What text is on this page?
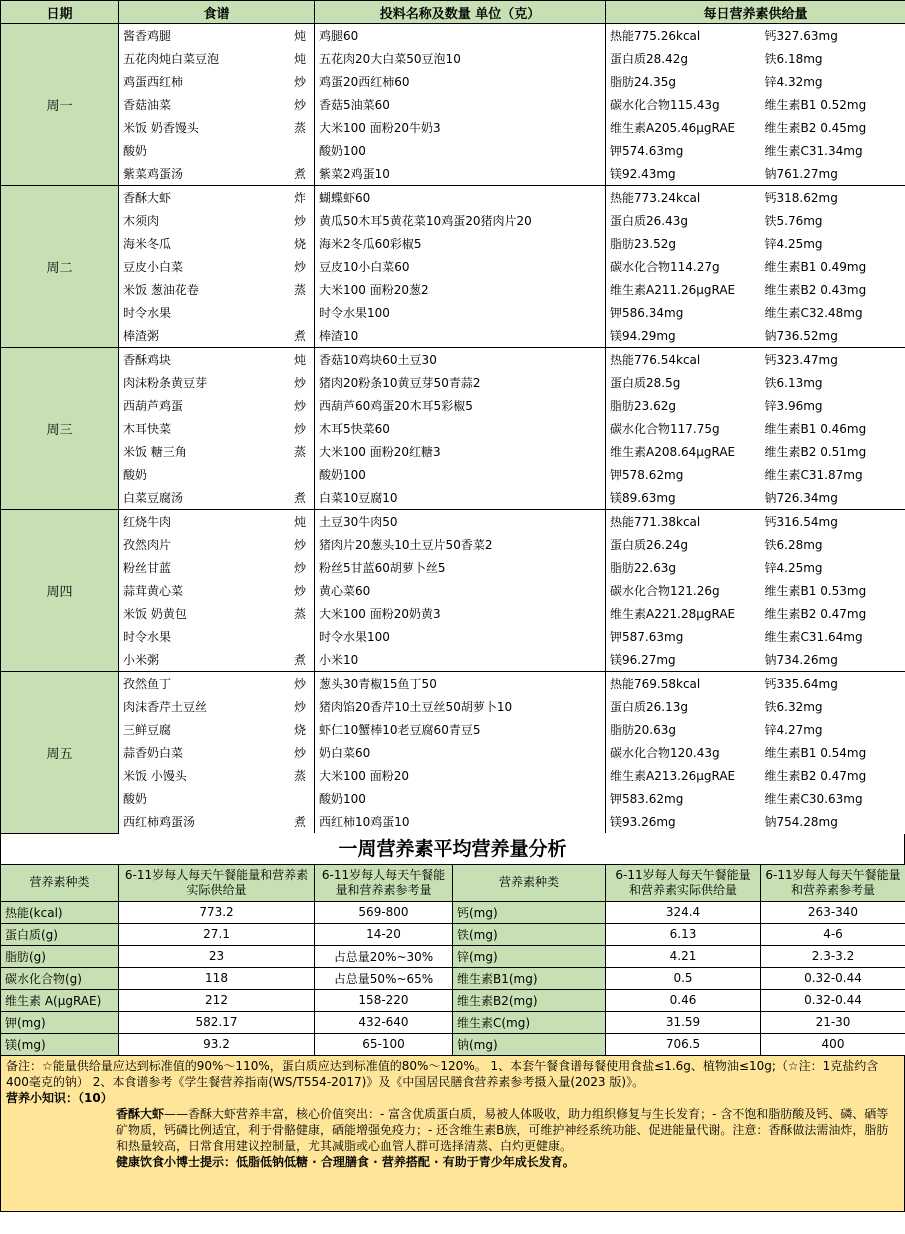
日期	食谱		投料名称及数量 单位（克）	每日营养素供给量	
周一	酱香鸡腿	炖	鸡腿60	热能775.26kcal	钙327.63mg
	五花肉炖白菜豆泡	炖	五花肉20大白菜50豆泡10	蛋白质28.42g	铁6.18mg
	鸡蛋西红柿	炒	鸡蛋20西红柿60	脂肪24.35g	锌4.32mg
	香菇油菜	炒	香菇5油菜60	碳水化合物115.43g	维生素B1 0.52mg
	米饭 奶香馒头	蒸	大米100 面粉20牛奶3	维生素A205.46μgRAE	维生素B2 0.45mg
	酸奶		酸奶100	钾574.63mg	维生素C31.34mg
	紫菜鸡蛋汤	煮	紫菜2鸡蛋10	镁92.43mg	钠761.27mg
周二	香酥大虾	炸	蝴蝶虾60	热能773.24kcal	钙318.62mg
	木须肉	炒	黄瓜50木耳5黄花菜10鸡蛋20猪肉片20	蛋白质26.43g	铁5.76mg
	海米冬瓜	烧	海米2冬瓜60彩椒5	脂肪23.52g	锌4.25mg
	豆皮小白菜	炒	豆皮10小白菜60	碳水化合物114.27g	维生素B1 0.49mg
	米饭 葱油花卷	蒸	大米100 面粉20葱2	维生素A211.26μgRAE	维生素B2 0.43mg
	时令水果		时令水果100	钾586.34mg	维生素C32.48mg
	棒渣粥	煮	棒渣10	镁94.29mg	钠736.52mg
周三	香酥鸡块	炖	香菇10鸡块60土豆30	热能776.54kcal	钙323.47mg
	肉沫粉条黄豆芽	炒	猪肉20粉条10黄豆芽50青蒜2	蛋白质28.5g	铁6.13mg
	西葫芦鸡蛋	炒	西葫芦60鸡蛋20木耳5彩椒5	脂肪23.62g	锌3.96mg
	木耳快菜	炒	木耳5快菜60	碳水化合物117.75g	维生素B1 0.46mg
	米饭 糖三角	蒸	大米100 面粉20红糖3	维生素A208.64μgRAE	维生素B2 0.51mg
	酸奶		酸奶100	钾578.62mg	维生素C31.87mg
	白菜豆腐汤	煮	白菜10豆腐10	镁89.63mg	钠726.34mg
周四	红烧牛肉	炖	土豆30牛肉50	热能771.38kcal	钙316.54mg
	孜然肉片	炒	猪肉片20葱头10土豆片50香菜2	蛋白质26.24g	铁6.28mg
	粉丝甘蓝	炒	粉丝5甘蓝60胡萝卜丝5	脂肪22.63g	锌4.25mg
	蒜茸黄心菜	炒	黄心菜60	碳水化合物121.26g	维生素B1 0.53mg
	米饭 奶黄包	蒸	大米100 面粉20奶黄3	维生素A221.28μgRAE	维生素B2 0.47mg
	时令水果		时令水果100	钾587.63mg	维生素C31.64mg
	小米粥	煮	小米10	镁96.27mg	钠734.26mg
周五	孜然鱼丁	炒	葱头30青椒15鱼丁50	热能769.58kcal	钙335.64mg
	肉沫香芹土豆丝	炒	猪肉馅20香芹10土豆丝50胡萝卜10	蛋白质26.13g	铁6.32mg
	三鲜豆腐	烧	虾仁10蟹棒10老豆腐60青豆5	脂肪20.63g	锌4.27mg
	蒜香奶白菜	炒	奶白菜60	碳水化合物120.43g	维生素B1 0.54mg
	米饭 小馒头	蒸	大米100 面粉20	维生素A213.26μgRAE	维生素B2 0.47mg
	酸奶		酸奶100	钾583.62mg	维生素C30.63mg
	西红柿鸡蛋汤	煮	西红柿10鸡蛋10	镁93.26mg	钠754.28mg
一周营养素平均营养量分析
营养素种类	6-11岁每人每天午餐能量和营养素实际供给量	6-11岁每人每天午餐能量和营养素参考量	营养素种类	6-11岁每人每天午餐能量和营养素实际供给量	6-11岁每人每天午餐能量和营养素参考量
热能(kcal)	773.2	569-800	钙(mg)	324.4	263-340
蛋白质(g)	27.1	14-20	铁(mg)	6.13	4-6
脂肪(g)	23	占总量20%~30%	锌(mg)	4.21	2.3-3.2
碳水化合物(g)	118	占总量50%~65%	维生素B1(mg)	0.5	0.32-0.44
维生素 A(μgRAE)	212	158-220	维生素B2(mg)	0.46	0.32-0.44
钾(mg)	582.17	432-640	维生素C(mg)	31.59	21-30
镁(mg)	93.2	65-100	钠(mg)	706.5	400

备注：☆能量供给量应达到标准值的90%～110%，蛋白质应达到标准值的80%～120%。 1、本套午餐食谱每餐使用食盐≤1.6g、植物油≤10g;（☆注：1克盐约含400毫克的钠） 2、本食谱参考《学生餐营养指南(WS/T554-2017)》及《中国居民膳食营养素参考摄入量(2023 版)》。

营养小知识：（10）

香酥大虾——香酥大虾营养丰富，核心价值突出：- 富含优质蛋白质，易被人体吸收，助力组织修复与生长发育；- 含不饱和脂肪酸及钙、磷、硒等矿物质，钙磷比例适宜，利于骨骼健康，硒能增强免疫力；- 还含维生素B族，可维护神经系统功能、促进能量代谢。注意：香酥做法需油炸，脂肪和热量较高，日常食用建议控制量，尤其减脂或心血管人群可选择清蒸、白灼更健康。

健康饮食小博士提示：低脂低钠低糖 · 合理膳食 · 营养搭配 · 有助于青少年成长发育。
